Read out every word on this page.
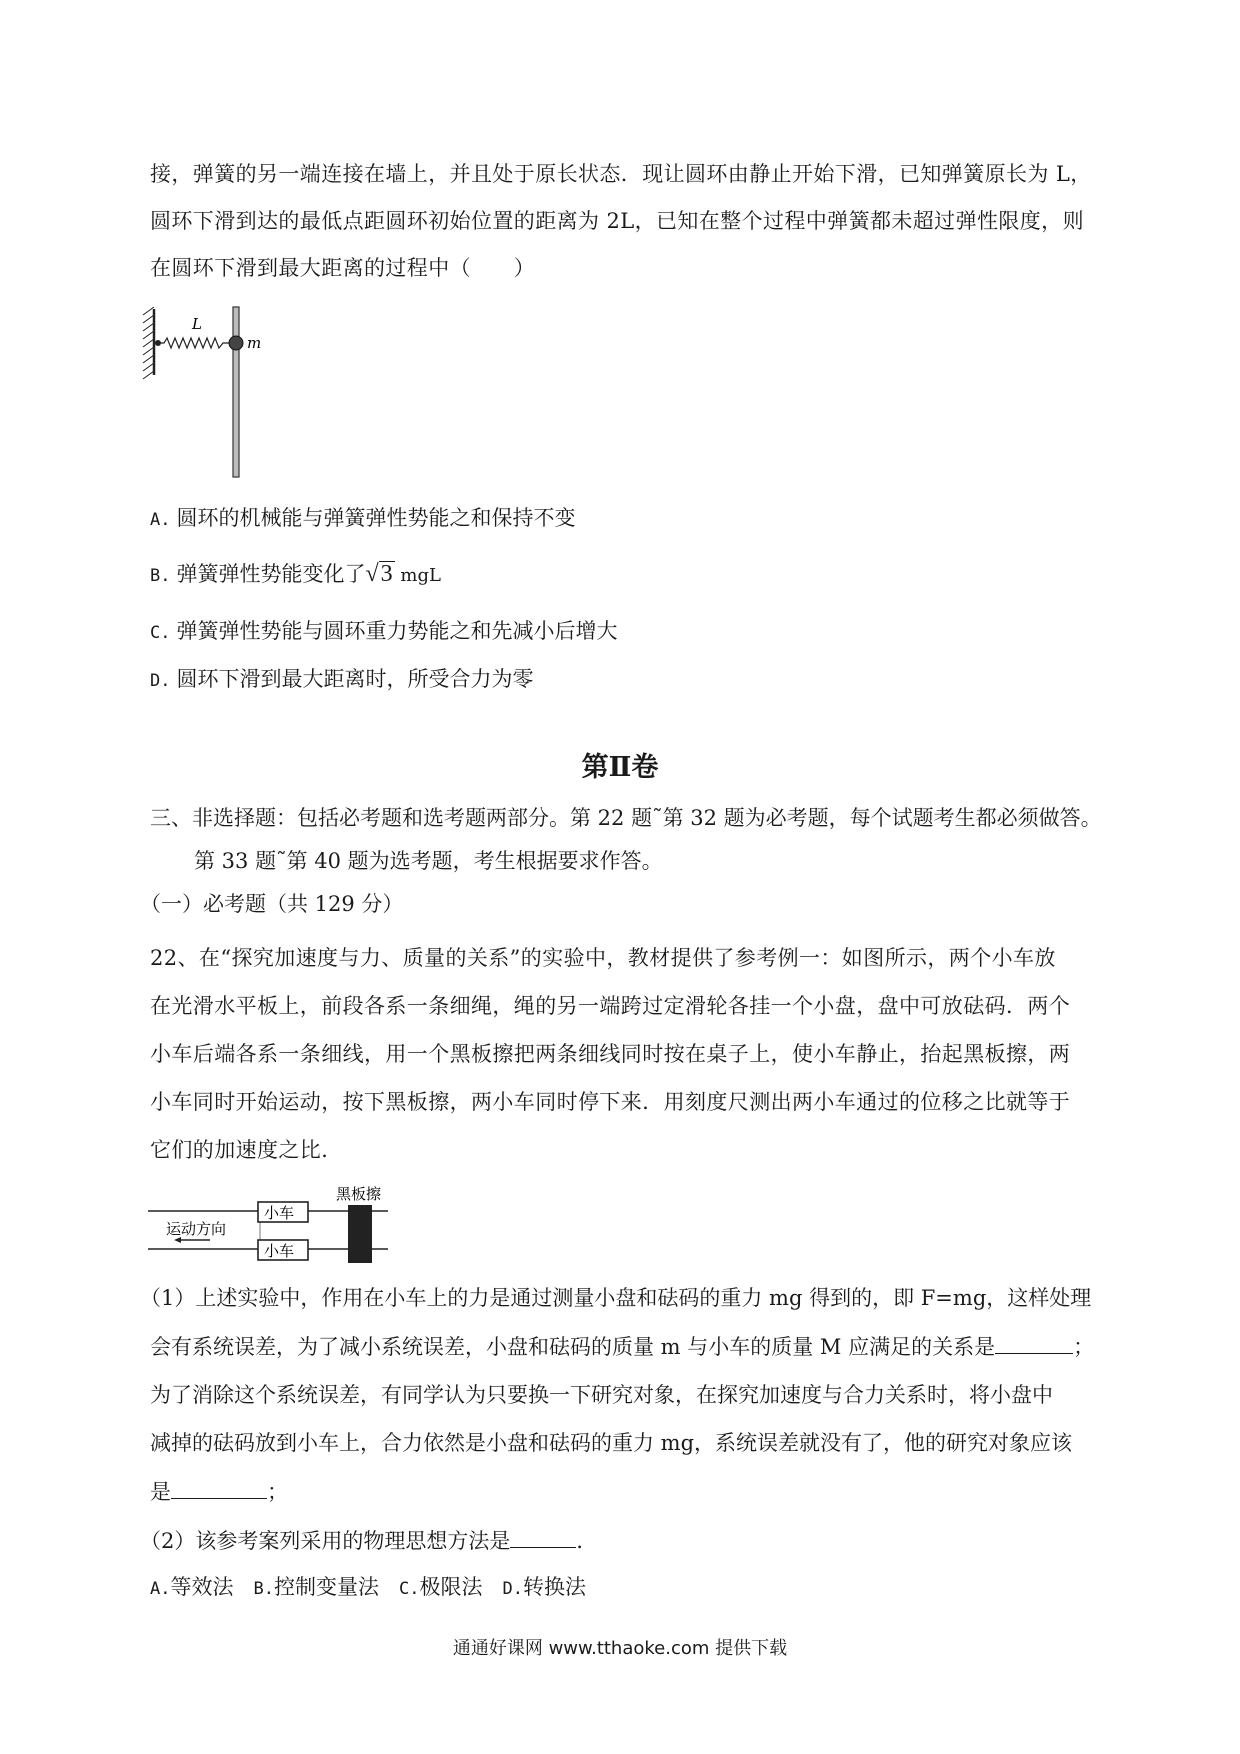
接，弹簧的另一端连接在墙上，并且处于原长状态．现让圆环由静止开始下滑，已知弹簧原长为 L，
圆环下滑到达的最低点距圆环初始位置的距离为 2L，已知在整个过程中弹簧都未超过弹性限度，则
在圆环下滑到最大距离的过程中（　　）
L
m
A. 圆环的机械能与弹簧弹性势能之和保持不变
B. 弹簧弹性势能变化了√3 mgL
C. 弹簧弹性势能与圆环重力势能之和先减小后增大
D. 圆环下滑到最大距离时，所受合力为零
第Ⅱ卷
三、非选择题：包括必考题和选考题两部分。第 22 题˜第 32 题为必考题，每个试题考生都必须做答。
第 33 题˜第 40 题为选考题，考生根据要求作答。
（一）必考题（共 129 分）
22、在“探究加速度与力、质量的关系”的实验中，教材提供了参考例一：如图所示，两个小车放
在光滑水平板上，前段各系一条细绳，绳的另一端跨过定滑轮各挂一个小盘，盘中可放砝码．两个
小车后端各系一条细线，用一个黑板擦把两条细线同时按在桌子上，使小车静止，抬起黑板擦，两
小车同时开始运动，按下黑板擦，两小车同时停下来．用刻度尺测出两小车通过的位移之比就等于
它们的加速度之比．
小车
小车
黑板擦
运动方向
（1）上述实验中，作用在小车上的力是通过测量小盘和砝码的重力 mg 得到的，即 F=mg，这样处理
会有系统误差，为了减小系统误差，小盘和砝码的质量 m 与小车的质量 M 应满足的关系是	；
为了消除这个系统误差，有同学认为只要换一下研究对象，在探究加速度与合力关系时，将小盘中
减掉的砝码放到小车上，合力依然是小盘和砝码的重力 mg，系统误差就没有了，他的研究对象应该
是	；
（2）该参考案列采用的物理思想方法是	．
A.等效法 B.控制变量法 C.极限法 D.转换法
通通好课网 www.tthaoke.com 提供下载
